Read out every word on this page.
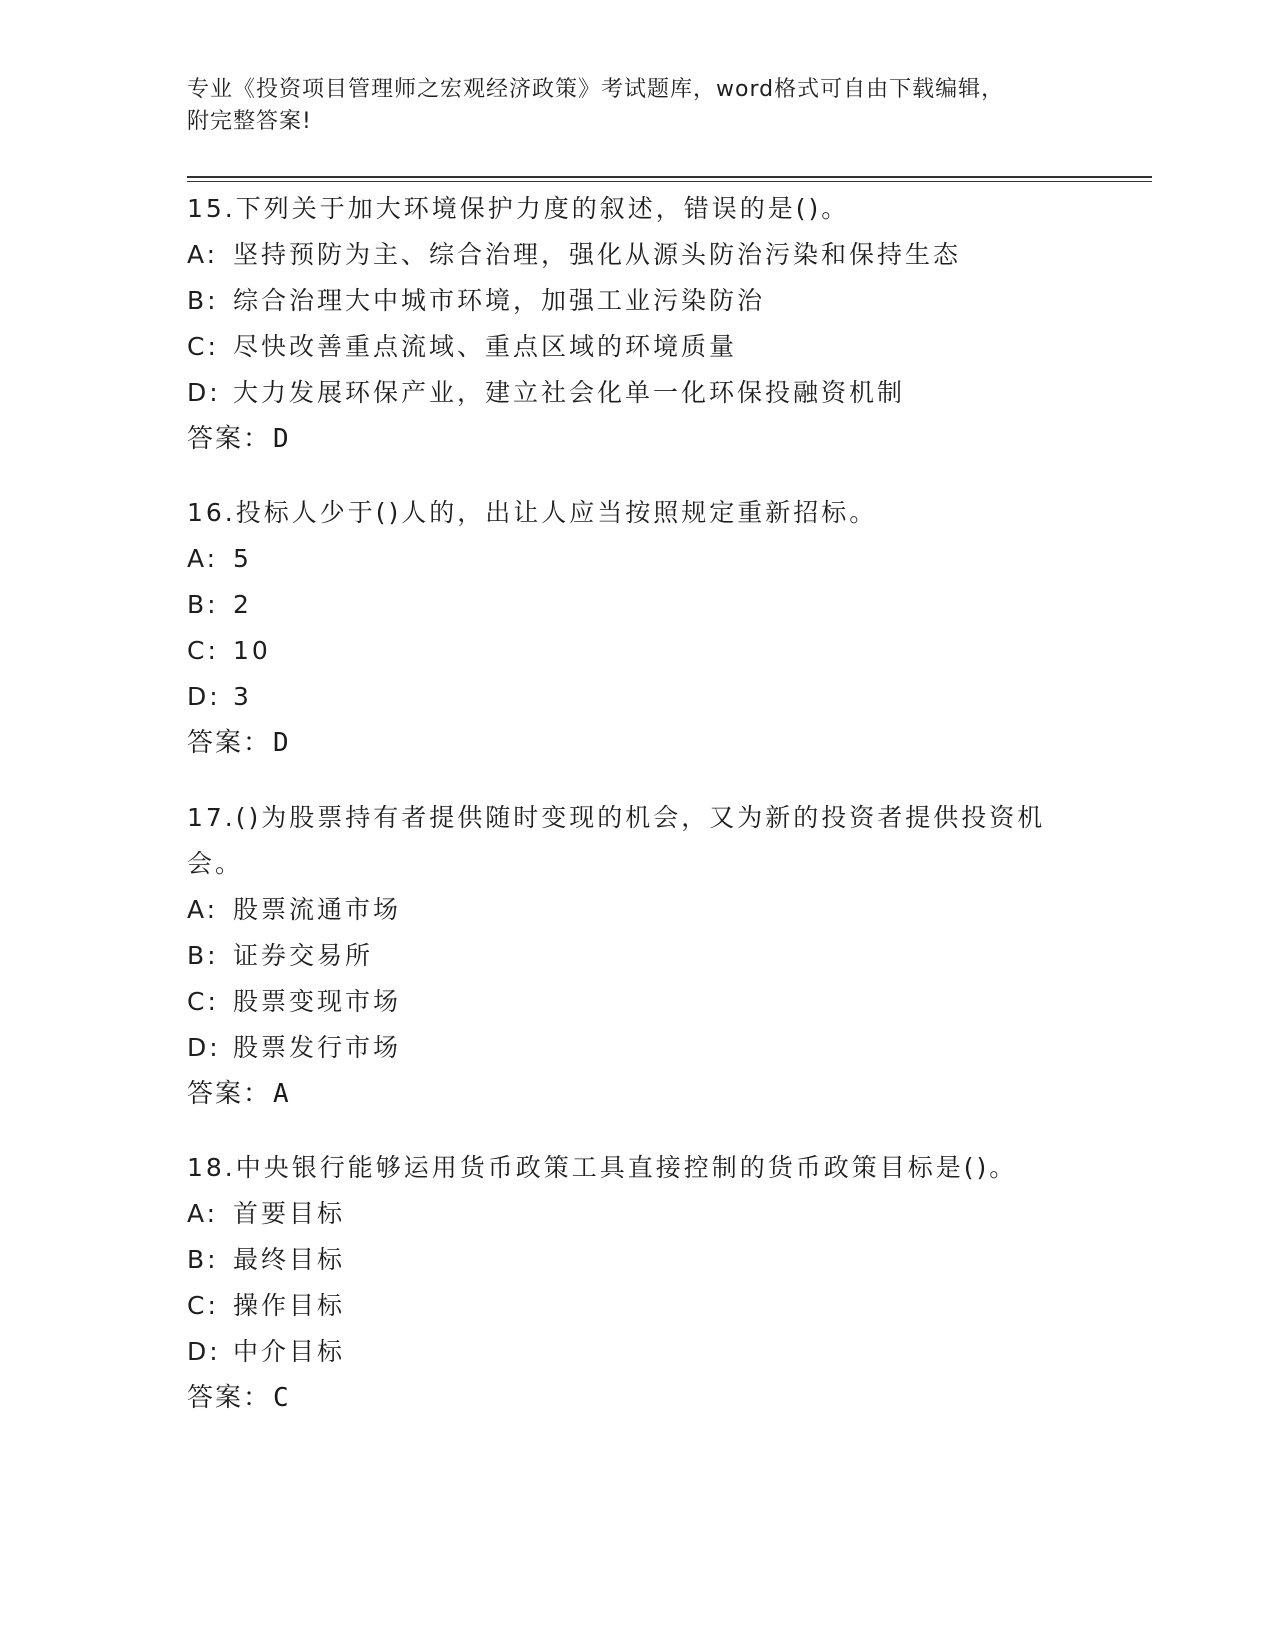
专业《投资项目管理师之宏观经济政策》考试题库，word格式可自由下载编辑，
附完整答案!
15.下列关于加大环境保护力度的叙述，错误的是()。
A: 坚持预防为主、综合治理，强化从源头防治污染和保持生态
B: 综合治理大中城市环境，加强工业污染防治
C: 尽快改善重点流域、重点区域的环境质量
D: 大力发展环保产业，建立社会化单一化环保投融资机制
答案：D
16.投标人少于()人的，出让人应当按照规定重新招标。
A: 5
B: 2
C: 10
D: 3
答案：D
17.()为股票持有者提供随时变现的机会，又为新的投资者提供投资机
会。
A: 股票流通市场
B: 证券交易所
C: 股票变现市场
D: 股票发行市场
答案：A
18.中央银行能够运用货币政策工具直接控制的货币政策目标是()。
A: 首要目标
B: 最终目标
C: 操作目标
D: 中介目标
答案：C
